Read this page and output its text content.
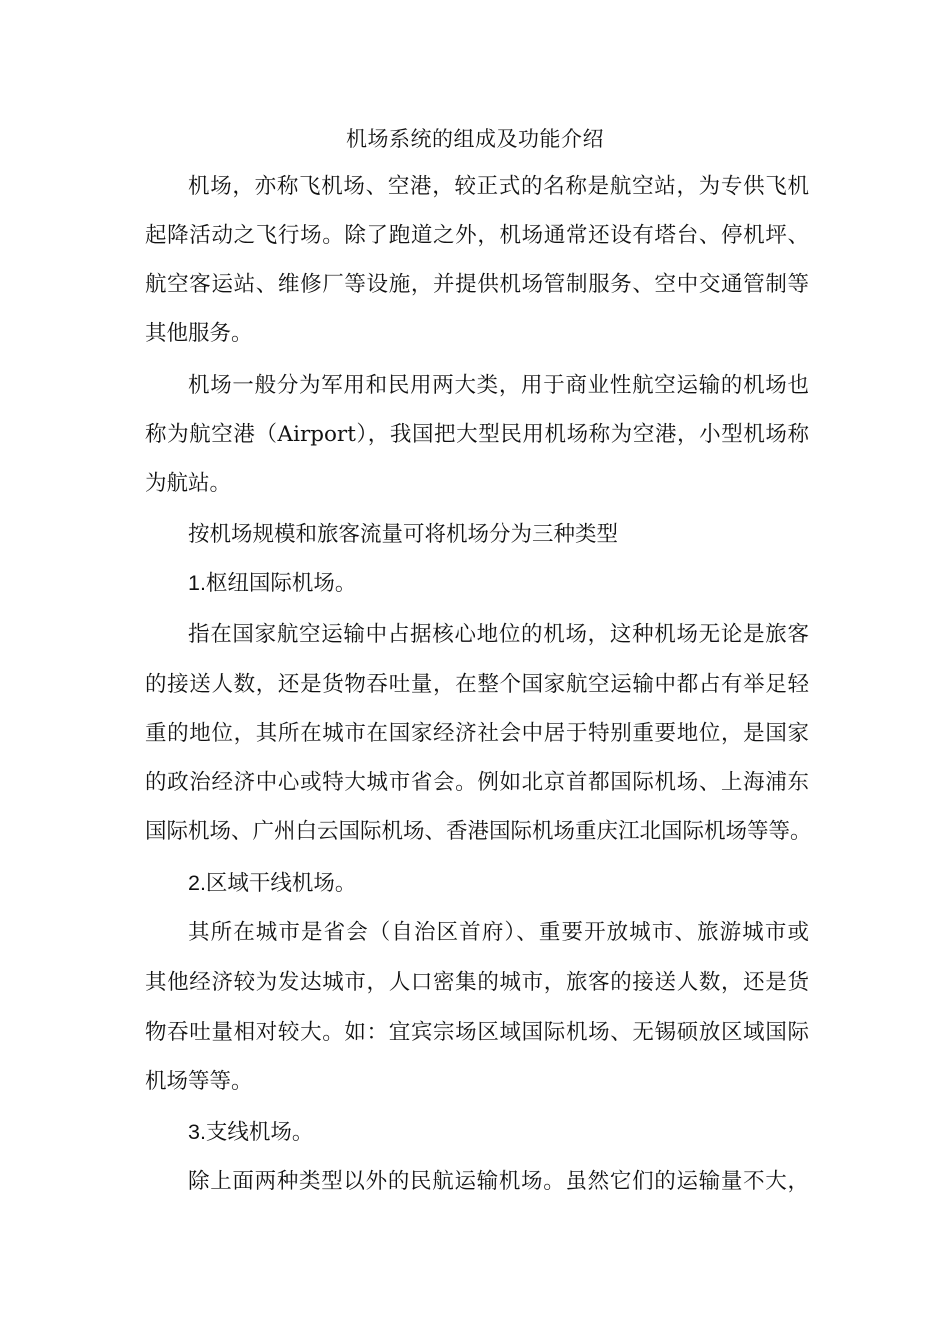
机场系统的组成及功能介绍
机场，亦称飞机场、空港，较正式的名称是航空站，为专供飞机
起降活动之飞行场。除了跑道之外，机场通常还设有塔台、停机坪、
航空客运站、维修厂等设施，并提供机场管制服务、空中交通管制等
其他服务。
机场一般分为军用和民用两大类，用于商业性航空运输的机场也
称为航空港（Airport），我国把大型民用机场称为空港，小型机场称
为航站。
按机场规模和旅客流量可将机场分为三种类型
1.枢纽国际机场。
指在国家航空运输中占据核心地位的机场，这种机场无论是旅客
的接送人数，还是货物吞吐量，在整个国家航空运输中都占有举足轻
重的地位，其所在城市在国家经济社会中居于特别重要地位，是国家
的政治经济中心或特大城市省会。例如北京首都国际机场、上海浦东
国际机场、广州白云国际机场、香港国际机场重庆江北国际机场等等。
2.区域干线机场。
其所在城市是省会（自治区首府）、重要开放城市、旅游城市或
其他经济较为发达城市，人口密集的城市，旅客的接送人数，还是货
物吞吐量相对较大。如：宜宾宗场区域国际机场、无锡硕放区域国际
机场等等。
3.支线机场。
除上面两种类型以外的民航运输机场。虽然它们的运输量不大，
